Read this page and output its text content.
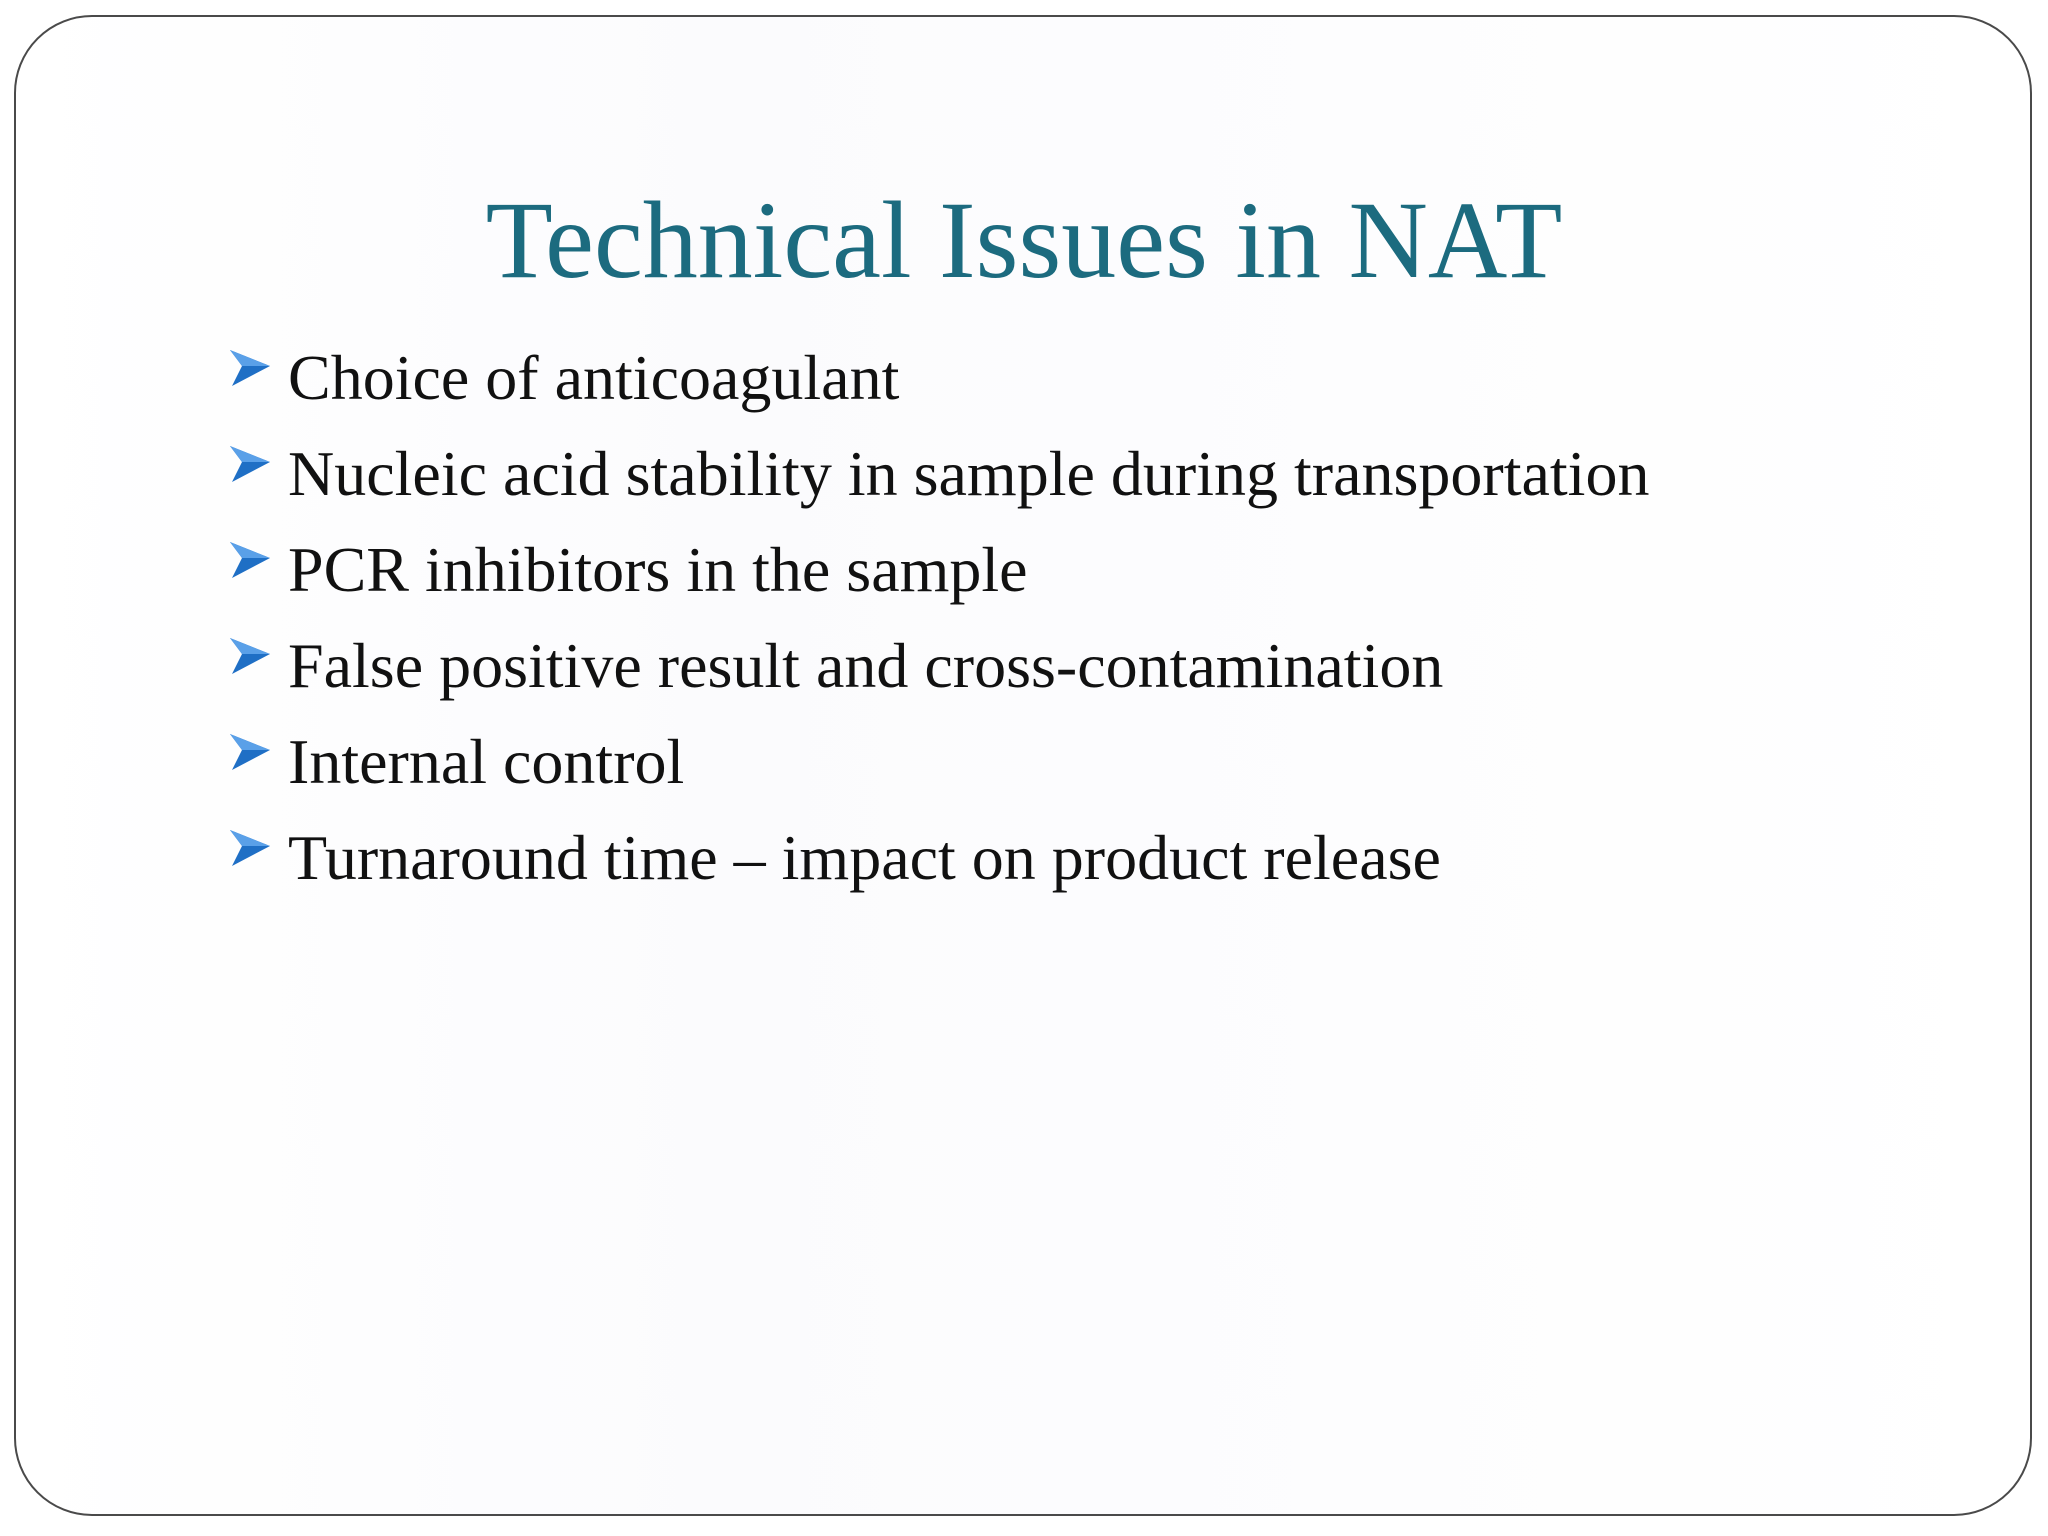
Technical Issues in NAT
Choice of anticoagulant
Nucleic acid stability in sample during transportation
PCR inhibitors in the sample
False positive result and cross-contamination
Internal control
Turnaround time – impact on product release
